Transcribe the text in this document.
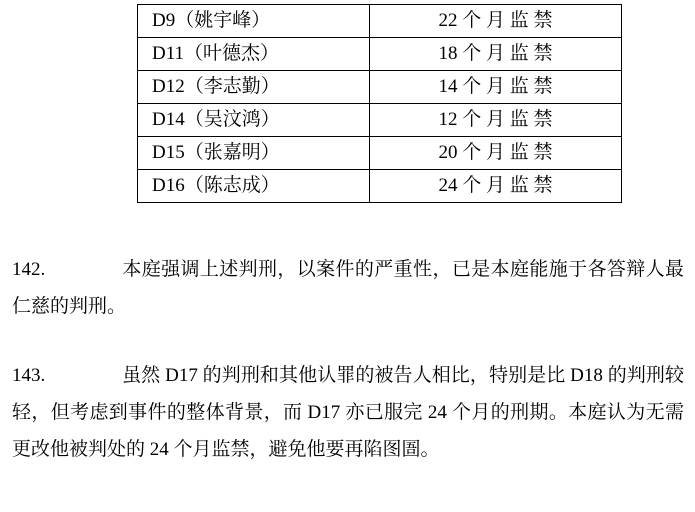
D9（姚宇峰）	22 个 月 监 禁
D11（叶德杰）	18 个 月 监 禁
D12（李志勤）	14 个 月 监 禁
D14（吴汶鸿）	12 个 月 监 禁
D15（张嘉明）	20 个 月 监 禁
D16（陈志成）	24 个 月 监 禁

142.	本庭强调上述判刑，以案件的严重性，已是本庭能施于各答辩人最仁慈的判刑。

143.	虽然 D17 的判刑和其他认罪的被告人相比，特别是比 D18 的判刑较轻，但考虑到事件的整体背景，而 D17 亦已服完 24 个月的刑期。本庭认为无需更改他被判处的 24 个月监禁，避免他要再陷图圄。
